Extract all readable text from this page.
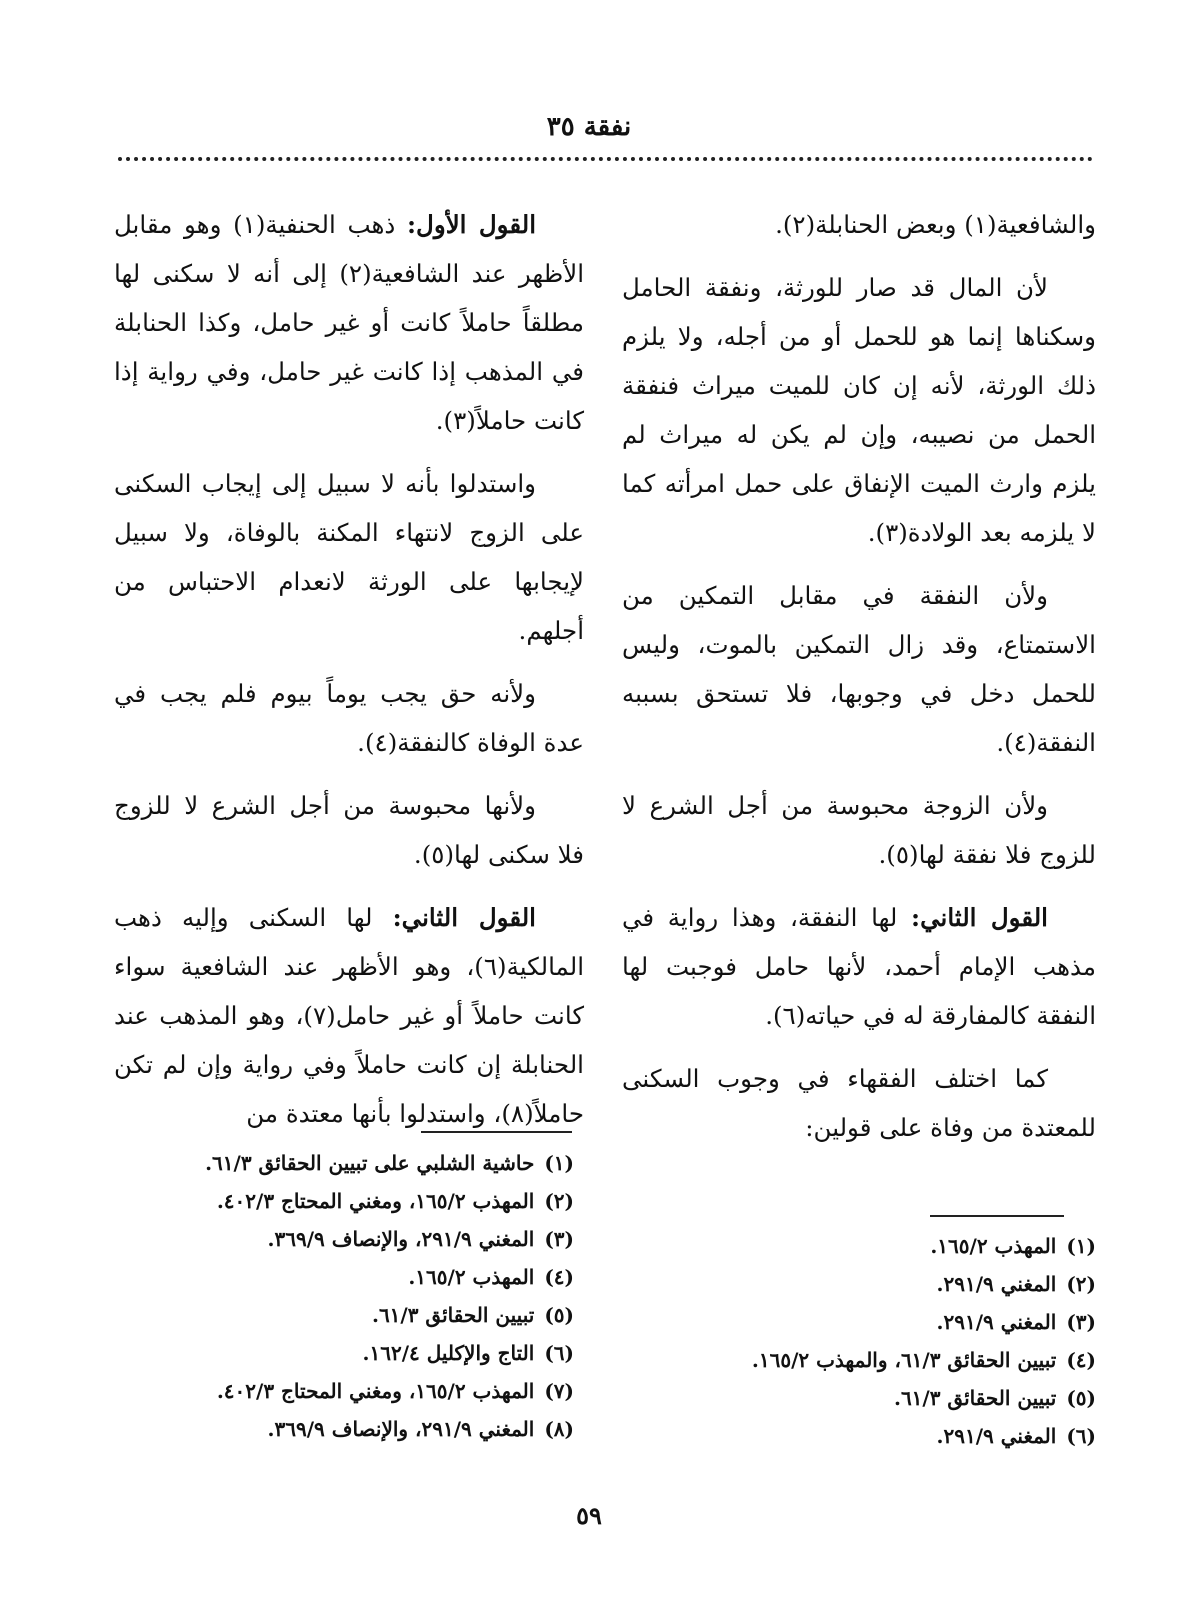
نفقة ٣٥

والشافعية(١) وبعض الحنابلة(٢).

لأن المال قد صار للورثة، ونفقة الحامل وسكناها إنما هو للحمل أو من أجله، ولا يلزم ذلك الورثة، لأنه إن كان للميت ميراث فنفقة الحمل من نصيبه، وإن لم يكن له ميراث لم يلزم وارث الميت الإنفاق على حمل امرأته كما لا يلزمه بعد الولادة(٣).

ولأن النفقة في مقابل التمكين من الاستمتاع، وقد زال التمكين بالموت، وليس للحمل دخل في وجوبها، فلا تستحق بسببه النفقة(٤).

ولأن الزوجة محبوسة من أجل الشرع لا للزوج فلا نفقة لها(٥).

القول الثاني: لها النفقة، وهذا رواية في مذهب الإمام أحمد، لأنها حامل فوجبت لها النفقة كالمفارقة له في حياته(٦).

كما اختلف الفقهاء في وجوب السكنى للمعتدة من وفاة على قولين:

(١)المهذب ١٦٥/٢.
(٢)المغني ٢٩١/٩.
(٣)المغني ٢٩١/٩.
(٤)تبيين الحقائق ٦١/٣، والمهذب ١٦٥/٢.
(٥)تبيين الحقائق ٦١/٣.
(٦)المغني ٢٩١/٩.

القول الأول: ذهب الحنفية(١) وهو مقابل الأظهر عند الشافعية(٢) إلى أنه لا سكنى لها مطلقاً حاملاً كانت أو غير حامل، وكذا الحنابلة في المذهب إذا كانت غير حامل، وفي رواية إذا كانت حاملاً(٣).

واستدلوا بأنه لا سبيل إلى إيجاب السكنى على الزوج لانتهاء المكنة بالوفاة، ولا سبيل لإيجابها على الورثة لانعدام الاحتباس من أجلهم.

ولأنه حق يجب يوماً بيوم فلم يجب في عدة الوفاة كالنفقة(٤).

ولأنها محبوسة من أجل الشرع لا للزوج فلا سكنى لها(٥).

القول الثاني: لها السكنى وإليه ذهب المالكية(٦)، وهو الأظهر عند الشافعية سواء كانت حاملاً أو غير حامل(٧)، وهو المذهب عند الحنابلة إن كانت حاملاً وفي رواية وإن لم تكن حاملاً(٨)، واستدلوا بأنها معتدة من

(١)حاشية الشلبي على تبيين الحقائق ٦١/٣.
(٢)المهذب ١٦٥/٢، ومغني المحتاج ٤٠٢/٣.
(٣)المغني ٢٩١/٩، والإنصاف ٣٦٩/٩.
(٤)المهذب ١٦٥/٢.
(٥)تبيين الحقائق ٦١/٣.
(٦)التاج والإكليل ١٦٢/٤.
(٧)المهذب ١٦٥/٢، ومغني المحتاج ٤٠٢/٣.
(٨)المغني ٢٩١/٩، والإنصاف ٣٦٩/٩.
٥٩
